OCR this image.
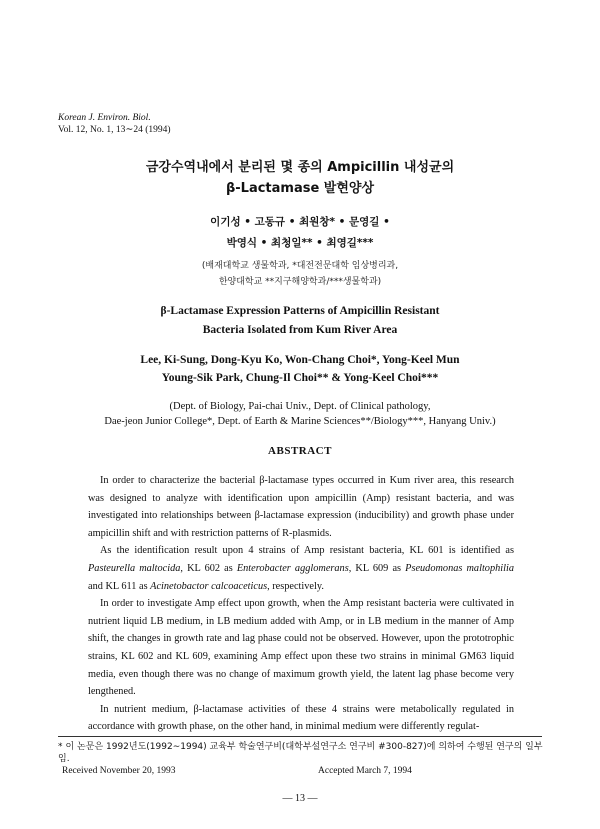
Korean J. Environ. Biol.
Vol. 12, No. 1, 13∼24 (1994)
금강수역내에서 분리된 몇 종의 Ampicillin 내성균의
β-Lactamase 발현양상
이기성 • 고동규 • 최원창* • 문영길 •
박영식 • 최청일** • 최영길***
(배재대학교 생물학과, *대전전문대학 임상병리과,
한양대학교 **지구해양학과/***생물학과)
β-Lactamase Expression Patterns of Ampicillin Resistant
Bacteria Isolated from Kum River Area
Lee, Ki-Sung, Dong-Kyu Ko, Won-Chang Choi*, Yong-Keel Mun
Young-Sik Park, Chung-Il Choi** & Yong-Keel Choi***
(Dept. of Biology, Pai-chai Univ., Dept. of Clinical pathology,
Dae-jeon Junior College*, Dept. of Earth & Marine Sciences**/Biology***, Hanyang Univ.)
ABSTRACT

In order to characterize the bacterial β-lactamase types occurred in Kum river area, this research was designed to analyze with identification upon ampicillin (Amp) resistant bacteria, and was investigated into relationships between β-lactamase expression (inducibility) and growth phase under ampicillin shift and with restriction patterns of R-plasmids.

As the identification result upon 4 strains of Amp resistant bacteria, KL 601 is identified as Pasteurella maltocida, KL 602 as Enterobacter agglomerans, KL 609 as Pseudomonas maltophilia and KL 611 as Acinetobactor calcoaceticus, respectively.

In order to investigate Amp effect upon growth, when the Amp resistant bacteria were cultivated in nutrient liquid LB medium, in LB medium added with Amp, or in LB medium in the manner of Amp shift, the changes in growth rate and lag phase could not be observed. However, upon the prototrophic strains, KL 602 and KL 609, examining Amp effect upon these two strains in minimal GM63 liquid media, even though there was no change of maximum growth yield, the latent lag phase become very lengthened.

In nutrient medium, β-lactamase activities of these 4 strains were metabolically regulated in accordance with growth phase, on the other hand, in minimal medium were differently regulat-

* 이 논문은 1992년도(1992∼1994) 교육부 학술연구비(대학부설연구소 연구비 #300-827)에 의하여 수행된 연구의 일부임.
Received November 20, 1993	Accepted March 7, 1994
— 13 —
